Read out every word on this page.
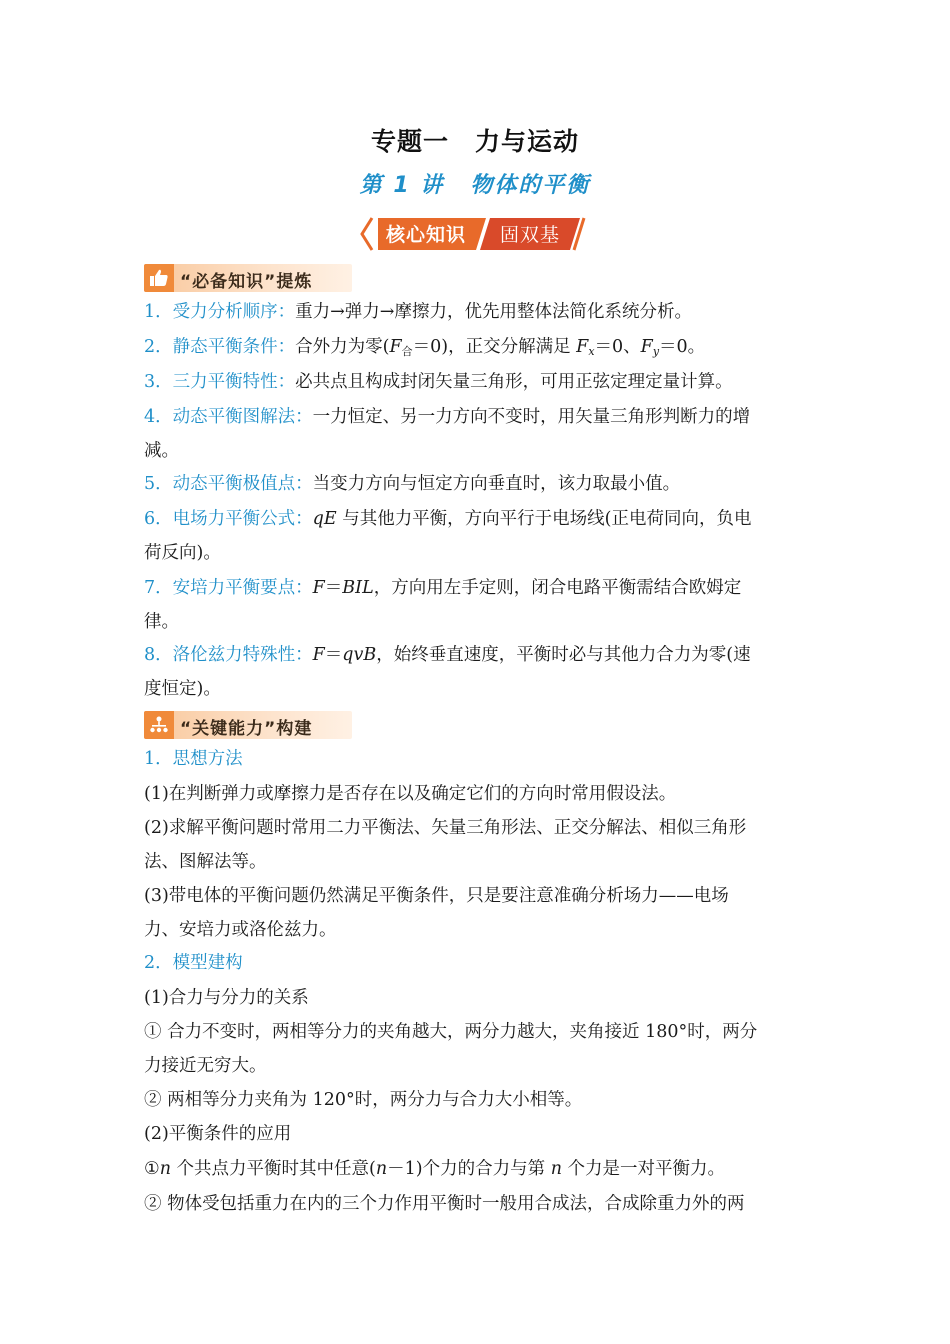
专题一 力与运动
第 1 讲 物体的平衡
核心知识 固双基
“必备知识”提炼
1．受力分析顺序：重力→弹力→摩擦力，优先用整体法简化系统分析。
2．静态平衡条件：合外力为零$(F_合=0)$，正交分解满足 $F_x=0$、$F_y=0$。
3．三力平衡特性：必共点且构成封闭矢量三角形，可用正弦定理定量计算。
4．动态平衡图解法：一力恒定、另一力方向不变时，用矢量三角形判断力的增
减。
5．动态平衡极值点：当变力方向与恒定方向垂直时，该力取最小值。
6．电场力平衡公式：qE 与其他力平衡，方向平行于电场线(正电荷同向，负电
荷反向)。
7．安培力平衡要点：F＝BIL，方向用左手定则，闭合电路平衡需结合欧姆定
律。
8．洛伦兹力特殊性：F＝qvB，始终垂直速度，平衡时必与其他力合力为零(速
度恒定)。
“关键能力”构建
1．思想方法
(1)在判断弹力或摩擦力是否存在以及确定它们的方向时常用假设法。
(2)求解平衡问题时常用二力平衡法、矢量三角形法、正交分解法、相似三角形
法、图解法等。
(3)带电体的平衡问题仍然满足平衡条件，只是要注意准确分析场力——电场
力、安培力或洛伦兹力。
2．模型建构
(1)合力与分力的关系
① 合力不变时，两相等分力的夹角越大，两分力越大，夹角接近 180°时，两分
力接近无穷大。
② 两相等分力夹角为 120°时，两分力与合力大小相等。
(2)平衡条件的应用
①n 个共点力平衡时其中任意(n－1)个力的合力与第 n 个力是一对平衡力。
② 物体受包括重力在内的三个力作用平衡时一般用合成法，合成除重力外的两
